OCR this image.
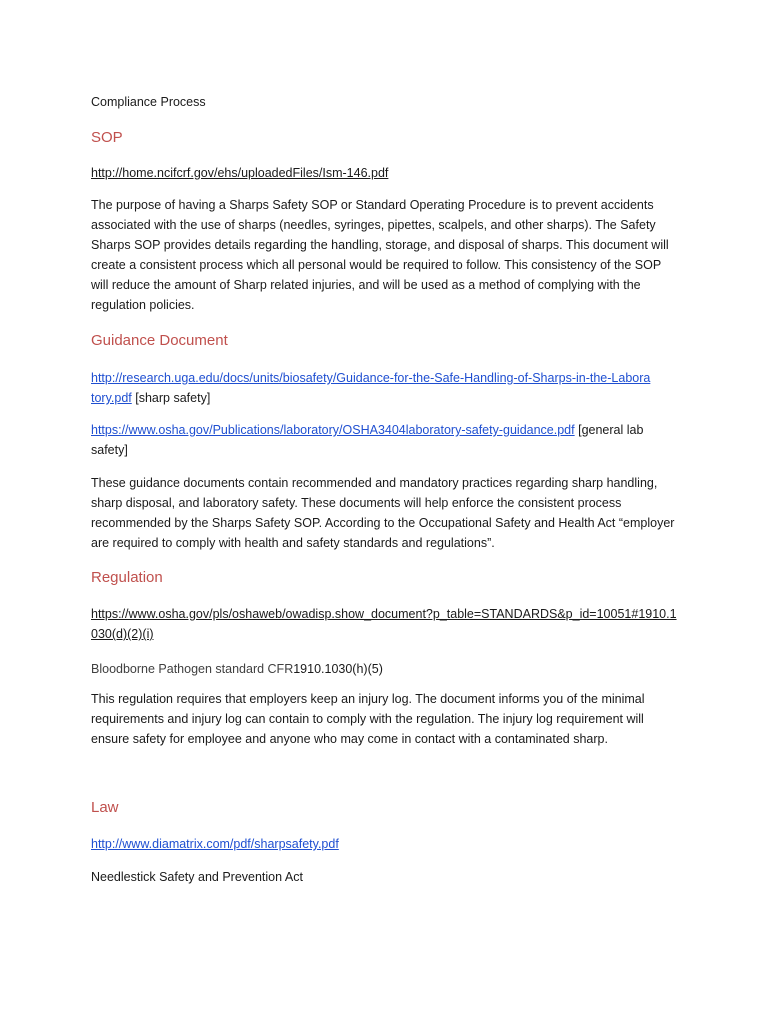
Compliance Process

SOP

http://home.ncifcrf.gov/ehs/uploadedFiles/Ism-146.pdf

The purpose of having a Sharps Safety SOP or Standard Operating Procedure is to prevent accidents associated with the use of sharps (needles, syringes, pipettes, scalpels, and other sharps). The Safety Sharps SOP provides details regarding the handling, storage, and disposal of sharps. This document will create a consistent process which all personal would be required to follow. This consistency of the SOP will reduce the amount of Sharp related injuries, and will be used as a method of complying with the regulation policies.

Guidance Document

http://research.uga.edu/docs/units/biosafety/Guidance-for-the-Safe-Handling-of-Sharps-in-the-Laboratory.pdf [sharp safety]

https://www.osha.gov/Publications/laboratory/OSHA3404laboratory-safety-guidance.pdf [general lab safety]

These guidance documents contain recommended and mandatory practices regarding sharp handling, sharp disposal, and laboratory safety. These documents will help enforce the consistent process recommended by the Sharps Safety SOP. According to the Occupational Safety and Health Act “employer are required to comply with health and safety standards and regulations”.

Regulation

https://www.osha.gov/pls/oshaweb/owadisp.show_document?p_table=STANDARDS&p_id=10051#1910.1030(d)(2)(i)

Bloodborne Pathogen standard CFR1910.1030(h)(5)

This regulation requires that employers keep an injury log. The document informs you of the minimal requirements and injury log can contain to comply with the regulation. The injury log requirement will ensure safety for employee and anyone who may come in contact with a contaminated sharp.

Law

http://www.diamatrix.com/pdf/sharpsafety.pdf

Needlestick Safety and Prevention Act
